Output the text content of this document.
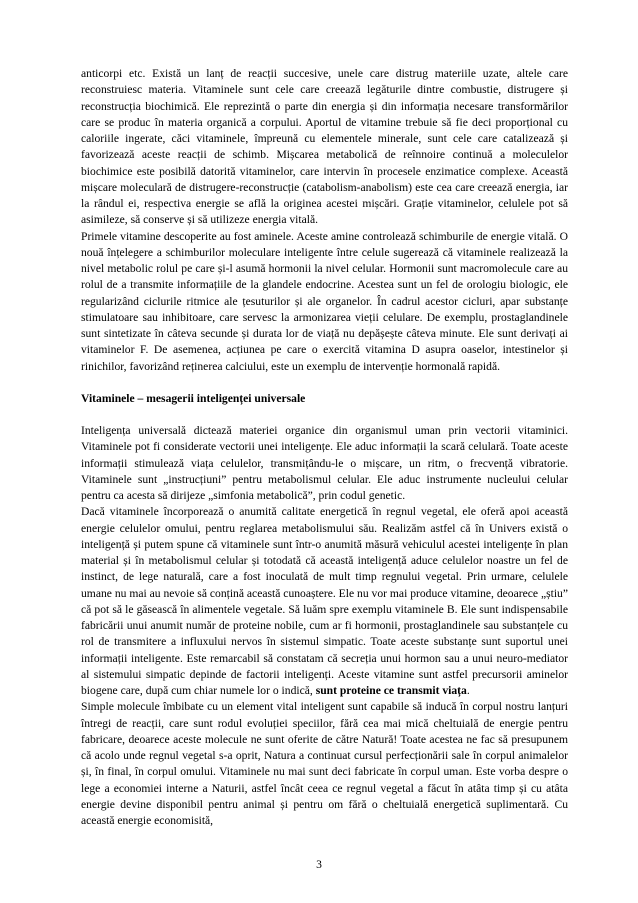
anticorpi etc. Există un lanț de reacții succesive, unele care distrug materiile uzate, altele care reconstruiesc materia. Vitaminele sunt cele care creează legăturile dintre combustie, distrugere și reconstrucția biochimică. Ele reprezintă o parte din energia și din informația necesare transformărilor care se produc în materia organică a corpului. Aportul de vitamine trebuie să fie deci proporțional cu caloriile ingerate, căci vitaminele, împreună cu elementele minerale, sunt cele care catalizează și favorizează aceste reacții de schimb. Mișcarea metabolică de reînnoire continuă a moleculelor biochimice este posibilă datorită vitaminelor, care intervin în procesele enzimatice complexe. Această mișcare moleculară de distrugere-reconstrucție (catabolism-anabolism) este cea care creează energia, iar la rândul ei, respectiva energie se află la originea acestei mișcări. Grație vitaminelor, celulele pot să asimileze, să conserve și să utilizeze energia vitală.

Primele vitamine descoperite au fost aminele. Aceste amine controlează schimburile de energie vitală. O nouă înțelegere a schimburilor moleculare inteligente între celule sugerează că vitaminele realizează la nivel metabolic rolul pe care și-l asumă hormonii la nivel celular. Hormonii sunt macromolecule care au rolul de a transmite informațiile de la glandele endocrine. Acestea sunt un fel de orologiu biologic, ele regularizând ciclurile ritmice ale țesuturilor și ale organelor. În cadrul acestor cicluri, apar substanțe stimulatoare sau inhibitoare, care servesc la armonizarea vieții celulare. De exemplu, prostaglandinele sunt sintetizate în câteva secunde și durata lor de viață nu depășește câteva minute. Ele sunt derivați ai vitaminelor F. De asemenea, acțiunea pe care o exercită vitamina D asupra oaselor, intestinelor și rinichilor, favorizând reținerea calciului, este un exemplu de intervenție hormonală rapidă.

Vitaminele – mesagerii inteligenței universale

Inteligența universală dictează materiei organice din organismul uman prin vectorii vitaminici. Vitaminele pot fi considerate vectorii unei inteligențe. Ele aduc informații la scară celulară. Toate aceste informații stimulează viața celulelor, transmițându-le o mișcare, un ritm, o frecvență vibratorie. Vitaminele sunt „instrucțiuni” pentru metabolismul celular. Ele aduc instrumente nucleului celular pentru ca acesta să dirijeze „simfonia metabolică”, prin codul genetic.

Dacă vitaminele încorporează o anumită calitate energetică în regnul vegetal, ele oferă apoi această energie celulelor omului, pentru reglarea metabolismului său. Realizăm astfel că în Univers există o inteligență și putem spune că vitaminele sunt într-o anumită măsură vehiculul acestei inteligențe în plan material și în metabolismul celular și totodată că această inteligență aduce celulelor noastre un fel de instinct, de lege naturală, care a fost inoculată de mult timp regnului vegetal. Prin urmare, celulele umane nu mai au nevoie să conțină această cunoaștere. Ele nu vor mai produce vitamine, deoarece „știu” că pot să le găsească în alimentele vegetale. Să luăm spre exemplu vitaminele B. Ele sunt indispensabile fabricării unui anumit număr de proteine nobile, cum ar fi hormonii, prostaglandinele sau substanțele cu rol de transmitere a influxului nervos în sistemul simpatic. Toate aceste substanțe sunt suportul unei informații inteligente. Este remarcabil să constatam că secreția unui hormon sau a unui neuro-mediator al sistemului simpatic depinde de factorii inteligenți. Aceste vitamine sunt astfel precursorii aminelor biogene care, după cum chiar numele lor o indică, sunt proteine ce transmit viața.

Simple molecule îmbibate cu un element vital inteligent sunt capabile să inducă în corpul nostru lanțuri întregi de reacții, care sunt rodul evoluției speciilor, fără cea mai mică cheltuială de energie pentru fabricare, deoarece aceste molecule ne sunt oferite de către Natură! Toate acestea ne fac să presupunem că acolo unde regnul vegetal s-a oprit, Natura a continuat cursul perfecționării sale în corpul animalelor și, în final, în corpul omului. Vitaminele nu mai sunt deci fabricate în corpul uman. Este vorba despre o lege a economiei interne a Naturii, astfel încât ceea ce regnul vegetal a făcut în atâta timp și cu atâta energie devine disponibil pentru animal și pentru om fără o cheltuială energetică suplimentară. Cu această energie economisită,

3
